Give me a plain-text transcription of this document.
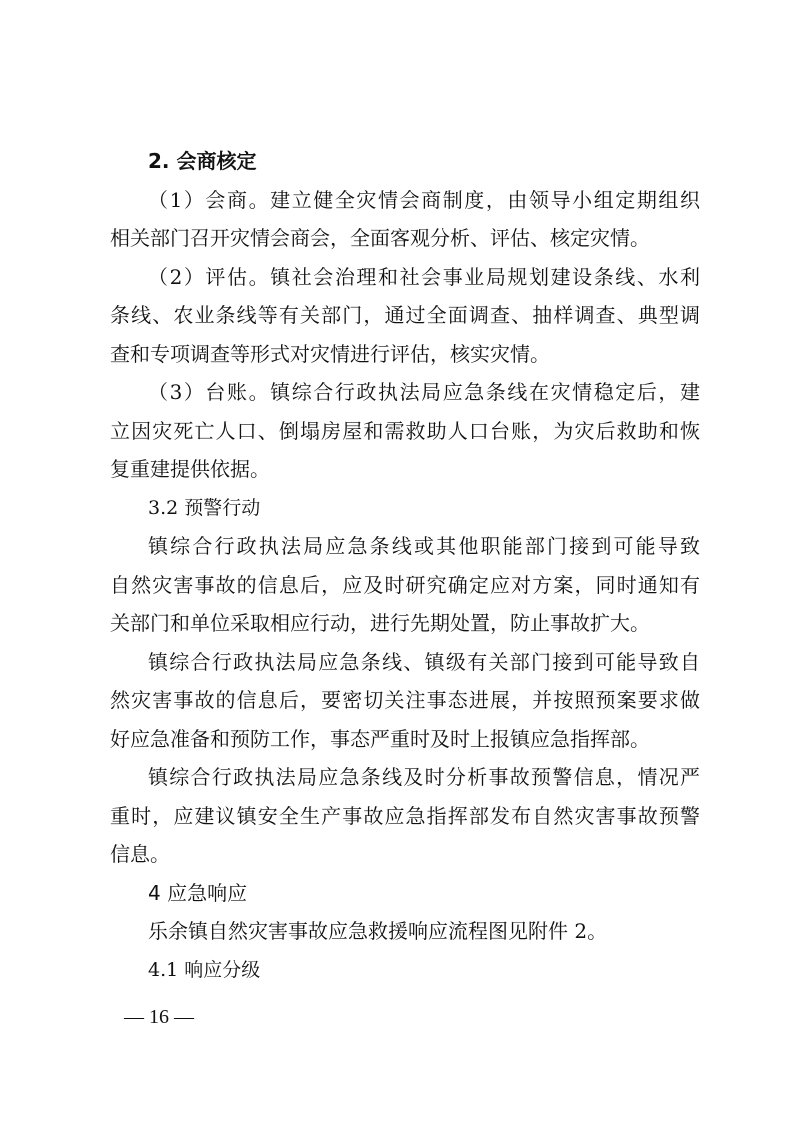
2. 会商核定
（1）会商。建立健全灾情会商制度，由领导小组定期组织
相关部门召开灾情会商会，全面客观分析、评估、核定灾情。
（2）评估。镇社会治理和社会事业局规划建设条线、水利
条线、农业条线等有关部门，通过全面调查、抽样调查、典型调
查和专项调查等形式对灾情进行评估，核实灾情。
（3）台账。镇综合行政执法局应急条线在灾情稳定后，建
立因灾死亡人口、倒塌房屋和需救助人口台账，为灾后救助和恢
复重建提供依据。
3.2 预警行动
镇综合行政执法局应急条线或其他职能部门接到可能导致
自然灾害事故的信息后，应及时研究确定应对方案，同时通知有
关部门和单位采取相应行动，进行先期处置，防止事故扩大。
镇综合行政执法局应急条线、镇级有关部门接到可能导致自
然灾害事故的信息后，要密切关注事态进展，并按照预案要求做
好应急准备和预防工作，事态严重时及时上报镇应急指挥部。
镇综合行政执法局应急条线及时分析事故预警信息，情况严
重时，应建议镇安全生产事故应急指挥部发布自然灾害事故预警
信息。
4 应急响应
乐余镇自然灾害事故应急救援响应流程图见附件 2。
4.1 响应分级
— 16 —
